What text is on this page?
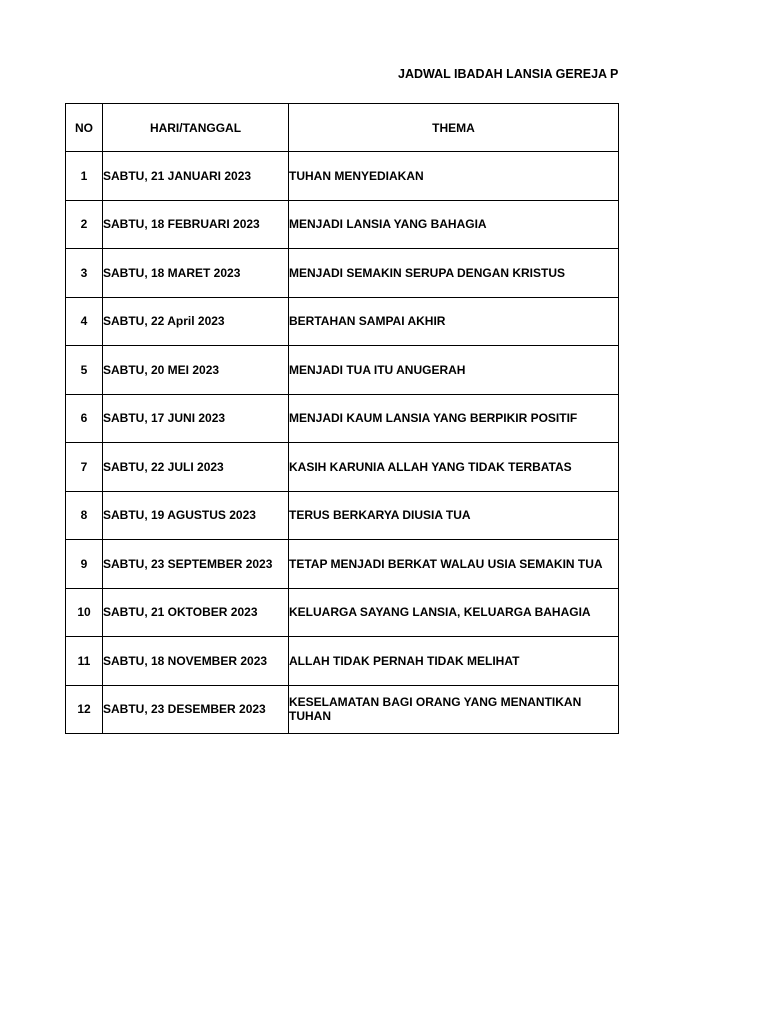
JADWAL IBADAH LANSIA GEREJA P
NO	HARI/TANGGAL	THEMA
1	SABTU, 21 JANUARI 2023	TUHAN MENYEDIAKAN
2	SABTU, 18 FEBRUARI 2023	MENJADI LANSIA YANG BAHAGIA
3	SABTU, 18 MARET 2023	MENJADI SEMAKIN SERUPA DENGAN KRISTUS
4	SABTU, 22 April 2023	BERTAHAN SAMPAI AKHIR
5	SABTU, 20 MEI 2023	MENJADI TUA ITU ANUGERAH
6	SABTU, 17 JUNI 2023	MENJADI KAUM LANSIA YANG BERPIKIR POSITIF
7	SABTU, 22 JULI 2023	KASIH KARUNIA ALLAH YANG TIDAK TERBATAS
8	SABTU, 19 AGUSTUS 2023	TERUS BERKARYA DIUSIA TUA
9	SABTU, 23 SEPTEMBER 2023	TETAP MENJADI BERKAT WALAU USIA SEMAKIN TUA
10	SABTU, 21 OKTOBER 2023	KELUARGA SAYANG LANSIA, KELUARGA BAHAGIA
11	SABTU, 18 NOVEMBER 2023	ALLAH TIDAK PERNAH TIDAK MELIHAT
12	SABTU, 23 DESEMBER 2023	KESELAMATAN BAGI ORANG YANG MENANTIKAN TUHAN
